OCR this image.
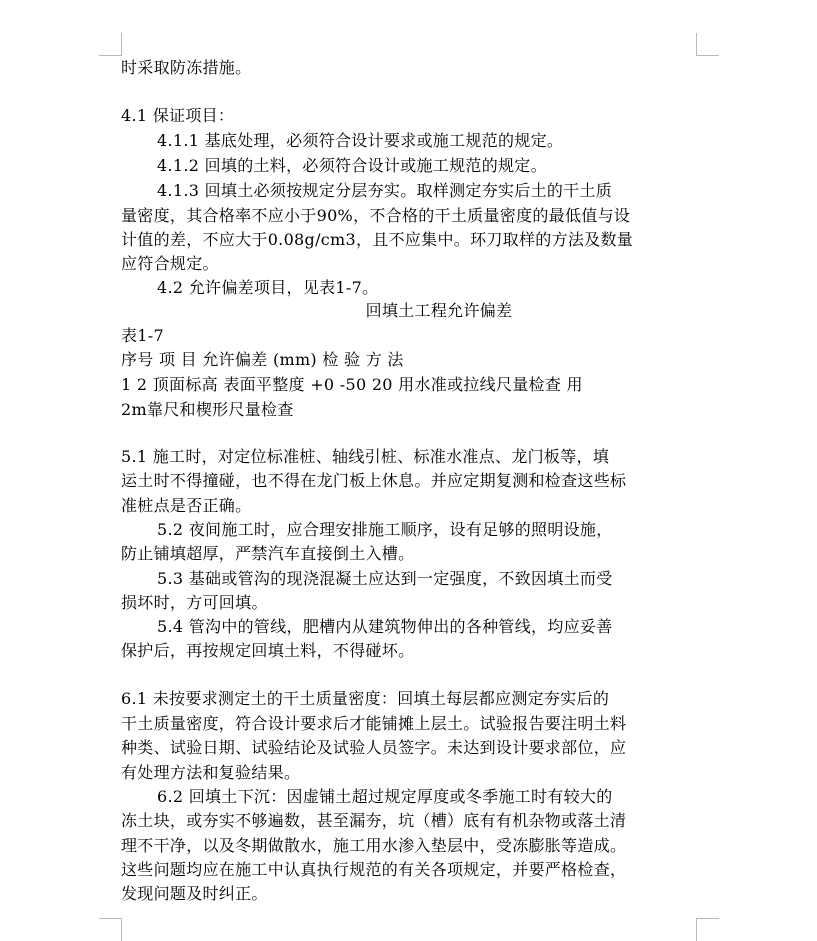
时采取防冻措施。
4.1 保证项目：
4.1.1 基底处理，必须符合设计要求或施工规范的规定。
4.1.2 回填的土料，必须符合设计或施工规范的规定。
4.1.3 回填土必须按规定分层夯实。取样测定夯实后土的干土质
量密度，其合格率不应小于90%，不合格的干土质量密度的最低值与设
计值的差，不应大于0.08g/cm3，且不应集中。环刀取样的方法及数量
应符合规定。
4.2 允许偏差项目，见表1-7。
回填土工程允许偏差
表1-7
序号 项 目 允许偏差 (mm) 检 验 方 法
1 2 顶面标高 表面平整度 +0 -50 20 用水准或拉线尺量检查 用
2m靠尺和楔形尺量检查
5.1 施工时，对定位标准桩、轴线引桩、标准水准点、龙门板等，填
运土时不得撞碰，也不得在龙门板上休息。并应定期复测和检查这些标
准桩点是否正确。
5.2 夜间施工时，应合理安排施工顺序，设有足够的照明设施，
防止铺填超厚，严禁汽车直接倒土入槽。
5.3 基础或管沟的现浇混凝土应达到一定强度，不致因填土而受
损坏时，方可回填。
5.4 管沟中的管线，肥槽内从建筑物伸出的各种管线，均应妥善
保护后，再按规定回填土料，不得碰坏。
6.1 未按要求测定土的干土质量密度：回填土每层都应测定夯实后的
干土质量密度，符合设计要求后才能铺摊上层土。试验报告要注明土料
种类、试验日期、试验结论及试验人员签字。未达到设计要求部位，应
有处理方法和复验结果。
6.2 回填土下沉：因虚铺土超过规定厚度或冬季施工时有较大的
冻土块，或夯实不够遍数，甚至漏夯，坑（槽）底有有机杂物或落土清
理不干净，以及冬期做散水，施工用水渗入垫层中，受冻膨胀等造成。
这些问题均应在施工中认真执行规范的有关各项规定，并要严格检查，
发现问题及时纠正。
